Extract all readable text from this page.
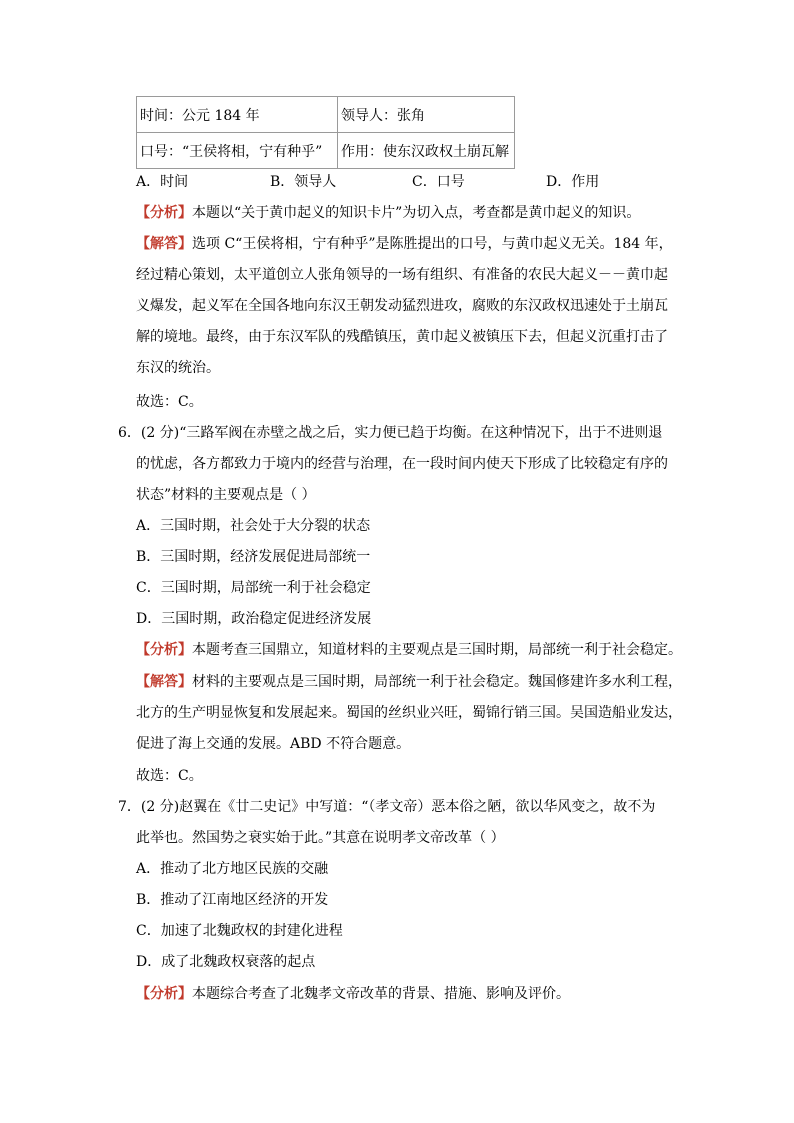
时间：公元 184 年	领导人：张角
口号：“王侯将相，宁有种乎”	作用：使东汉政权土崩瓦解
A．时间	B．领导人	C．口号	D．作用
【分析】本题以“关于黄巾起义的知识卡片”为切入点，考查都是黄巾起义的知识。
【解答】选项 C“王侯将相，宁有种乎”是陈胜提出的口号，与黄巾起义无关。184 年，
经过精心策划，太平道创立人张角领导的一场有组织、有准备的农民大起义－－黄巾起
义爆发，起义军在全国各地向东汉王朝发动猛烈进攻，腐败的东汉政权迅速处于土崩瓦
解的境地。最终，由于东汉军队的残酷镇压，黄巾起义被镇压下去，但起义沉重打击了
东汉的统治。
故选：C。
6．(2 分)“三路军阀在赤壁之战之后，实力便已趋于均衡。在这种情况下，出于不进则退
的忧虑，各方都致力于境内的经营与治理，在一段时间内使天下形成了比较稳定有序的
状态”材料的主要观点是（ ）
A．三国时期，社会处于大分裂的状态
B．三国时期，经济发展促进局部统一
C．三国时期，局部统一利于社会稳定
D．三国时期，政治稳定促进经济发展
【分析】本题考查三国鼎立，知道材料的主要观点是三国时期，局部统一利于社会稳定。
【解答】材料的主要观点是三国时期，局部统一利于社会稳定。魏国修建许多水利工程，
北方的生产明显恢复和发展起来。蜀国的丝织业兴旺，蜀锦行销三国。吴国造船业发达，
促进了海上交通的发展。ABD 不符合题意。
故选：C。
7．(2 分)赵翼在《廿二史记》中写道：“（孝文帝）恶本俗之陋，欲以华风变之，故不为
此举也。然国势之衰实始于此。”其意在说明孝文帝改革（ ）
A．推动了北方地区民族的交融
B．推动了江南地区经济的开发
C．加速了北魏政权的封建化进程
D．成了北魏政权衰落的起点
【分析】本题综合考查了北魏孝文帝改革的背景、措施、影响及评价。
